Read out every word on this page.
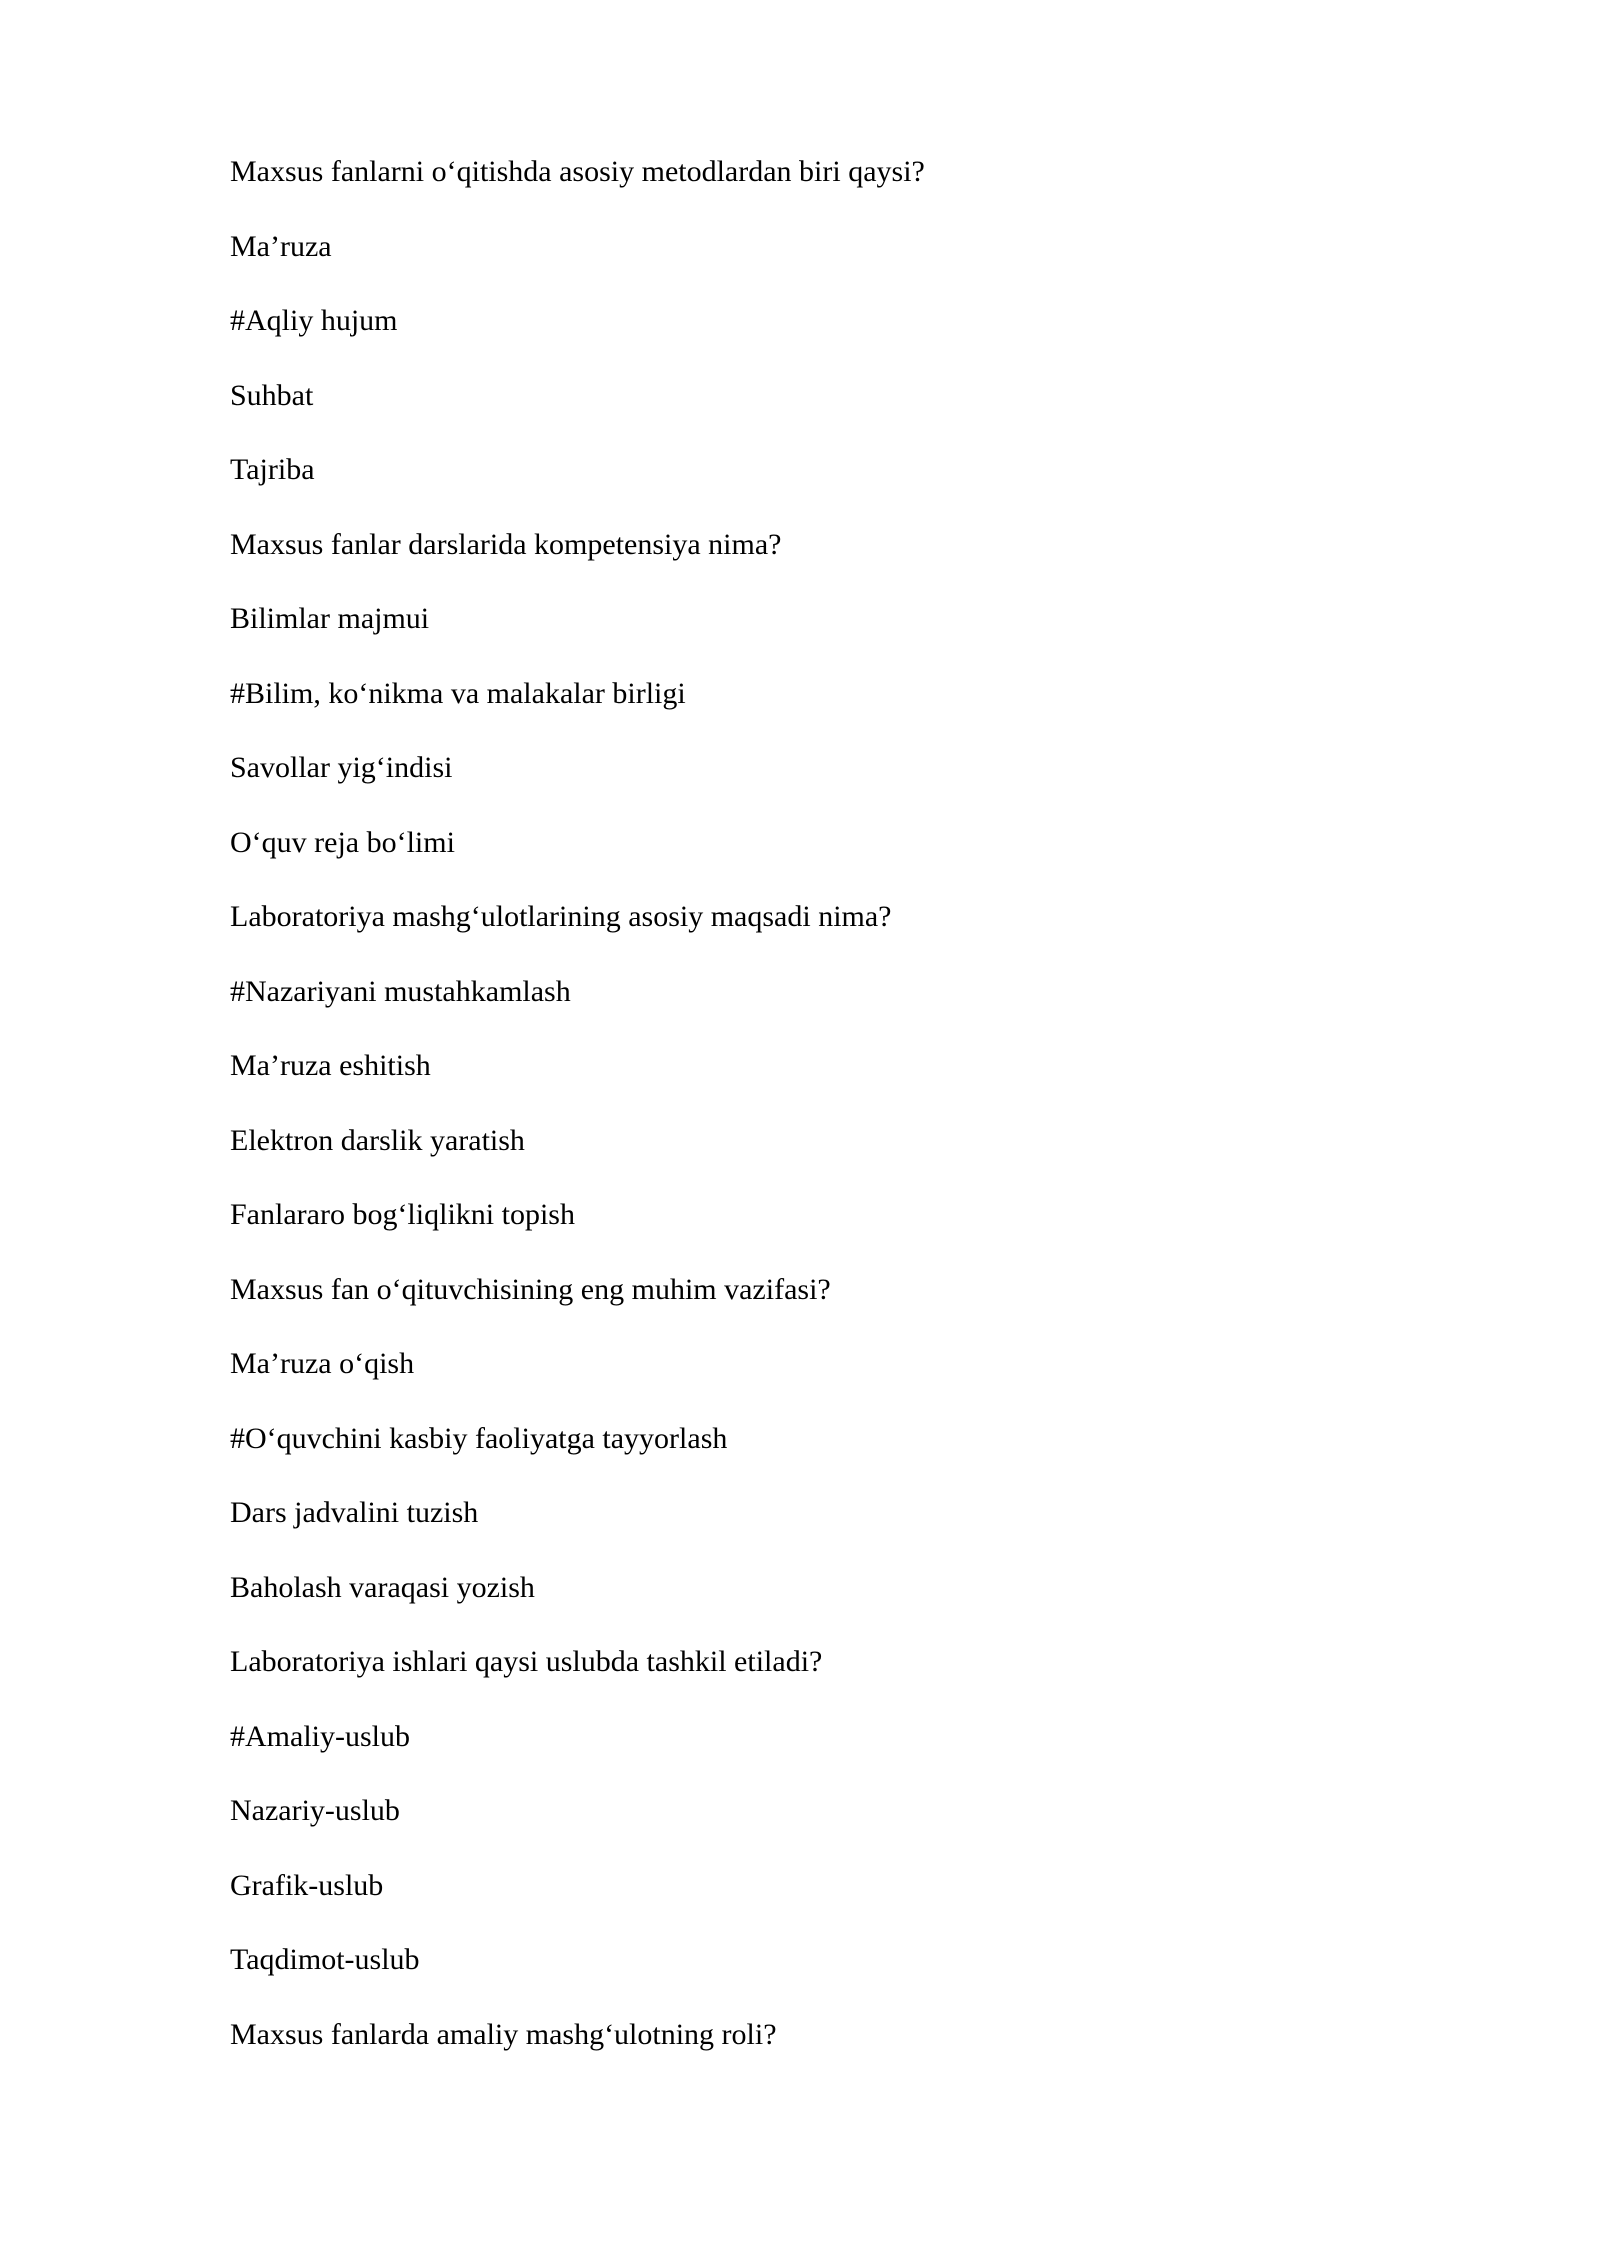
Maxsus fanlarni o‘qitishda asosiy metodlardan biri qaysi?
Ma’ruza
#Aqliy hujum
Suhbat
Tajriba
Maxsus fanlar darslarida kompetensiya nima?
Bilimlar majmui
#Bilim, ko‘nikma va malakalar birligi
Savollar yig‘indisi
O‘quv reja bo‘limi
Laboratoriya mashg‘ulotlarining asosiy maqsadi nima?
#Nazariyani mustahkamlash
Ma’ruza eshitish
Elektron darslik yaratish
Fanlararo bog‘liqlikni topish
Maxsus fan o‘qituvchisining eng muhim vazifasi?
Ma’ruza o‘qish
#O‘quvchini kasbiy faoliyatga tayyorlash
Dars jadvalini tuzish
Baholash varaqasi yozish
Laboratoriya ishlari qaysi uslubda tashkil etiladi?
#Amaliy-uslub
Nazariy-uslub
Grafik-uslub
Taqdimot-uslub
Maxsus fanlarda amaliy mashg‘ulotning roli?
